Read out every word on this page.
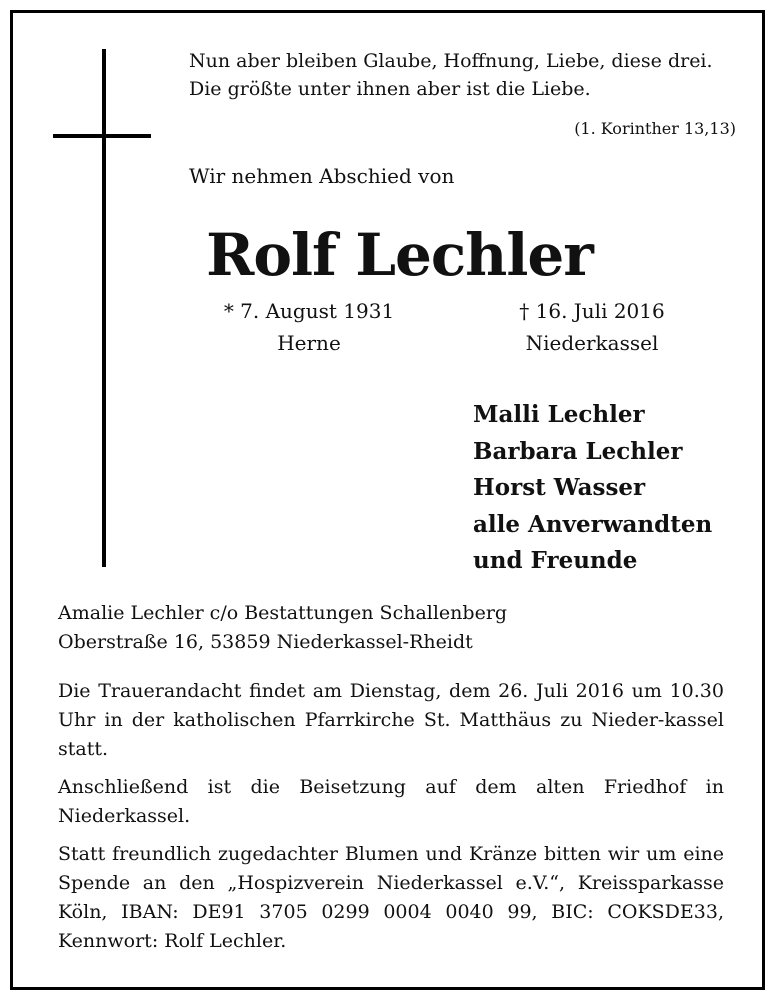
Nun aber bleiben Glaube, Hoffnung, Liebe, diese drei.
Die größte unter ihnen aber ist die Liebe.
(1. Korinther 13,13)
Wir nehmen Abschied von
Rolf Lechler
* 7. August 1931
Herne
† 16. Juli 2016
Niederkassel
Malli Lechler
Barbara Lechler
Horst Wasser
alle Anverwandten
und Freunde
Amalie Lechler c/o Bestattungen Schallenberg
Oberstraße 16, 53859 Niederkassel-Rheidt

Die Trauerandacht findet am Dienstag, dem 26. Juli 2016 um 10.30 Uhr in der katholischen Pfarrkirche St. Matthäus zu Nieder-kassel statt.

Anschließend ist die Beisetzung auf dem alten Friedhof in Niederkassel.

Statt freundlich zugedachter Blumen und Kränze bitten wir um eine Spende an den „Hospizverein Niederkassel e.V.“, Kreissparkasse Köln, IBAN: DE91 3705 0299 0004 0040 99, BIC: COKSDE33, Kennwort: Rolf Lechler.
